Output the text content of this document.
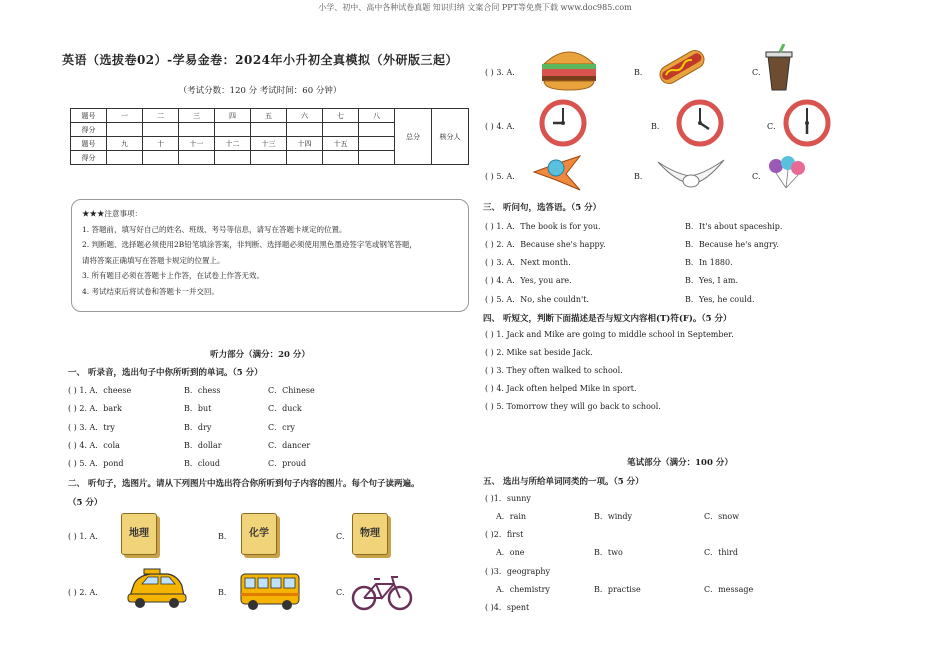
小学、初中、高中各种试卷真题 知识归纳 文案合同 PPT等免费下载 www.doc985.com
英语（选拔卷02）-学易金卷：2024年小升初全真模拟（外研版三起）
（考试分数：120 分 考试时间：60 分钟）
题号	一	二	三	四	五	六	七	八	总分	核分人
得分										
题号	九	十	十一	十二	十三	十四	十五			
得分										
★★★注意事项：
1. 答题前，填写好自己的姓名、班级、考号等信息，请写在答题卡规定的位置。
2. 判断题、选择题必须使用2B铅笔填涂答案，非判断、选择题必须使用黑色墨迹签字笔或钢笔答题，
请将答案正确填写在答题卡规定的位置上。
3. 所有题目必须在答题卡上作答，在试卷上作答无效。
4. 考试结束后将试卷和答题卡一并交回。
听力部分（满分：20 分）
一、 听录音，选出句子中你所听到的单词。（5 分）
( ) 1. A．cheese	B．chess	C．Chinese
( ) 2. A．bark	B．but	C．duck
( ) 3. A．try	B．dry	C．cry
( ) 4. A．cola	B．dollar	C．dancer
( ) 5. A．pond	B．cloud	C．proud
二、 听句子，选图片。请从下列图片中选出符合你所听到句子内容的图片。每个句子读两遍。
（5 分）
( ) 1. A．	地理	B．	化学	C． 物理
( ) 2. A．	B．	C．
( ) 3. A．	B．	C．
( ) 4. A．	B．	C．
( ) 5. A．	B．	C．
三、 听问句，选答语。（5 分）
( ) 1. A．The book is for you.	B．It's about spaceship.
( ) 2. A．Because she's happy.	B．Because he's angry.
( ) 3. A．Next month.	B．In 1880.
( ) 4. A．Yes, you are.	B．Yes, I am.
( ) 5. A．No, she couldn't.	B．Yes, he could.
四、 听短文，判断下面描述是否与短文内容相(T)符(F)。（5 分）
( ) 1. Jack and Mike are going to middle school in September.
( ) 2. Mike sat beside Jack.
( ) 3. They often walked to school.
( ) 4. Jack often helped Mike in sport.
( ) 5. Tomorrow they will go back to school.
笔试部分（满分：100 分）
五、 选出与所给单词同类的一项。（5 分）
( )1．sunny
A．rain	B．windy	C．snow
( )2．first
A．one	B．two	C．third
( )3．geography
A．chemistry	B．practise	C．message
( )4．spent
